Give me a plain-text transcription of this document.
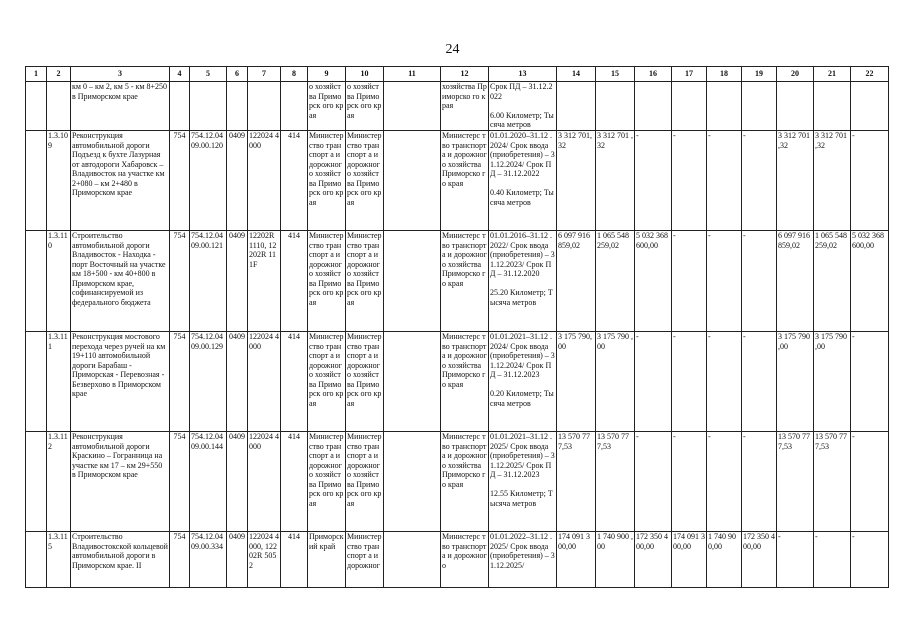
24
1	2	3	4	5	6	7	8	9	10	11	12	13	14	15	16	17	18	19	20	21	22
		км 0 – км 2, км 5 - км 8+250 в Приморском крае						о хозяйства Приморск ого края	о хозяйства Приморск ого края		хозяйства Приморско го края	Срок ПД – 31.12.2022

6.00 Километр; Тысяча метров									
	1.3.10 9	Реконструкция автомобильной дороги Подъезд к бухте Лазурная от автодороги Хабаровск – Владивосток на участке км 2+080 – км 2+480 в Приморском крае	754	754.12.04 09.00.120	0409	122024 4000	414	Министер ство транспорт а и дорожног о хозяйства Приморск ого края	Министер ство транспорт а и дорожног о хозяйства Приморск ого края		Министерс тво транспорта и дорожного хозяйства Приморско го края	01.01.2020–31.12 .2024/ Срок ввода (приобретения) – 31.12.2024/ Срок ПД – 31.12.2022

0.40 Километр; Тысяча метров	3 312 701, 32	3 312 701 ,32	-	-	-	-	3 312 701 ,32	3 312 701 ,32	-
	1.3.11 0	Строительство автомобильной дороги Владивосток - Находка - порт Восточный на участке км 18+500 - км 40+800 в Приморском крае, софинансируемой из федерального бюджета	754	754.12.04 09.00.121	0409	12202R 1110, 12202R 111F	414	Министер ство транспорт а и дорожног о хозяйства Приморск ого края	Министер ство транспорт а и дорожног о хозяйства Приморск ого края		Министерс тво транспорта и дорожного хозяйства Приморско го края	01.01.2016–31.12 .2022/ Срок ввода (приобретения) – 31.12.2023/ Срок ПД – 31.12.2020

25.20 Километр; Тысяча метров	6 097 916 859,02	1 065 548 259,02	5 032 368 600,00	-	-	-	6 097 916 859,02	1 065 548 259,02	5 032 368 600,00
	1.3.11 1	Реконструкция мостового перехода через ручей на км 19+110 автомобильной дороги Барабаш - Приморская - Перевозная - Безверхово в Приморском крае	754	754.12.04 09.00.129	0409	122024 4000	414	Министер ство транспорт а и дорожног о хозяйства Приморск ого края	Министер ство транспорт а и дорожног о хозяйства Приморск ого края		Министерс тво транспорта и дорожного хозяйства Приморско го края	01.01.2021–31.12 .2024/ Срок ввода (приобретения) – 31.12.2024/ Срок ПД – 31.12.2023

0.20 Километр; Тысяча метров	3 175 790, 00	3 175 790 ,00	-	-	-	-	3 175 790 ,00	3 175 790 ,00	-
	1.3.11 2	Реконструкция автомобильной дороги Краскино – Гогранница на участке км 17 – км 29+550 в Приморском крае	754	754.12.04 09.00.144	0409	122024 4000	414	Министер ство транспорт а и дорожног о хозяйства Приморск ого края	Министер ство транспорт а и дорожног о хозяйства Приморск ого края		Министерс тво транспорта и дорожного хозяйства Приморско го края	01.01.2021–31.12 .2025/ Срок ввода (приобретения) – 31.12.2025/ Срок ПД – 31.12.2023

12.55 Километр; Тысяча метров	13 570 77 7,53	13 570 77 7,53	-	-	-	-	13 570 77 7,53	13 570 77 7,53	-
	1.3.11 5	Строительство Владивостокской кольцевой автомобильной дороги в Приморском крае. II	754	754.12.04 09.00.334	0409	122024 4000, 12202R 5052	414	Приморск ий край	Министер ство транспорт а и дорожног		Министерс тво транспорта и дорожного	01.01.2022–31.12 .2025/ Срок ввода (приобретения) – 31.12.2025/	174 091 3 00,00	1 740 900 ,00	172 350 4 00,00	174 091 300,00	1 740 90 0,00	172 350 4 00,00	-	-	-
